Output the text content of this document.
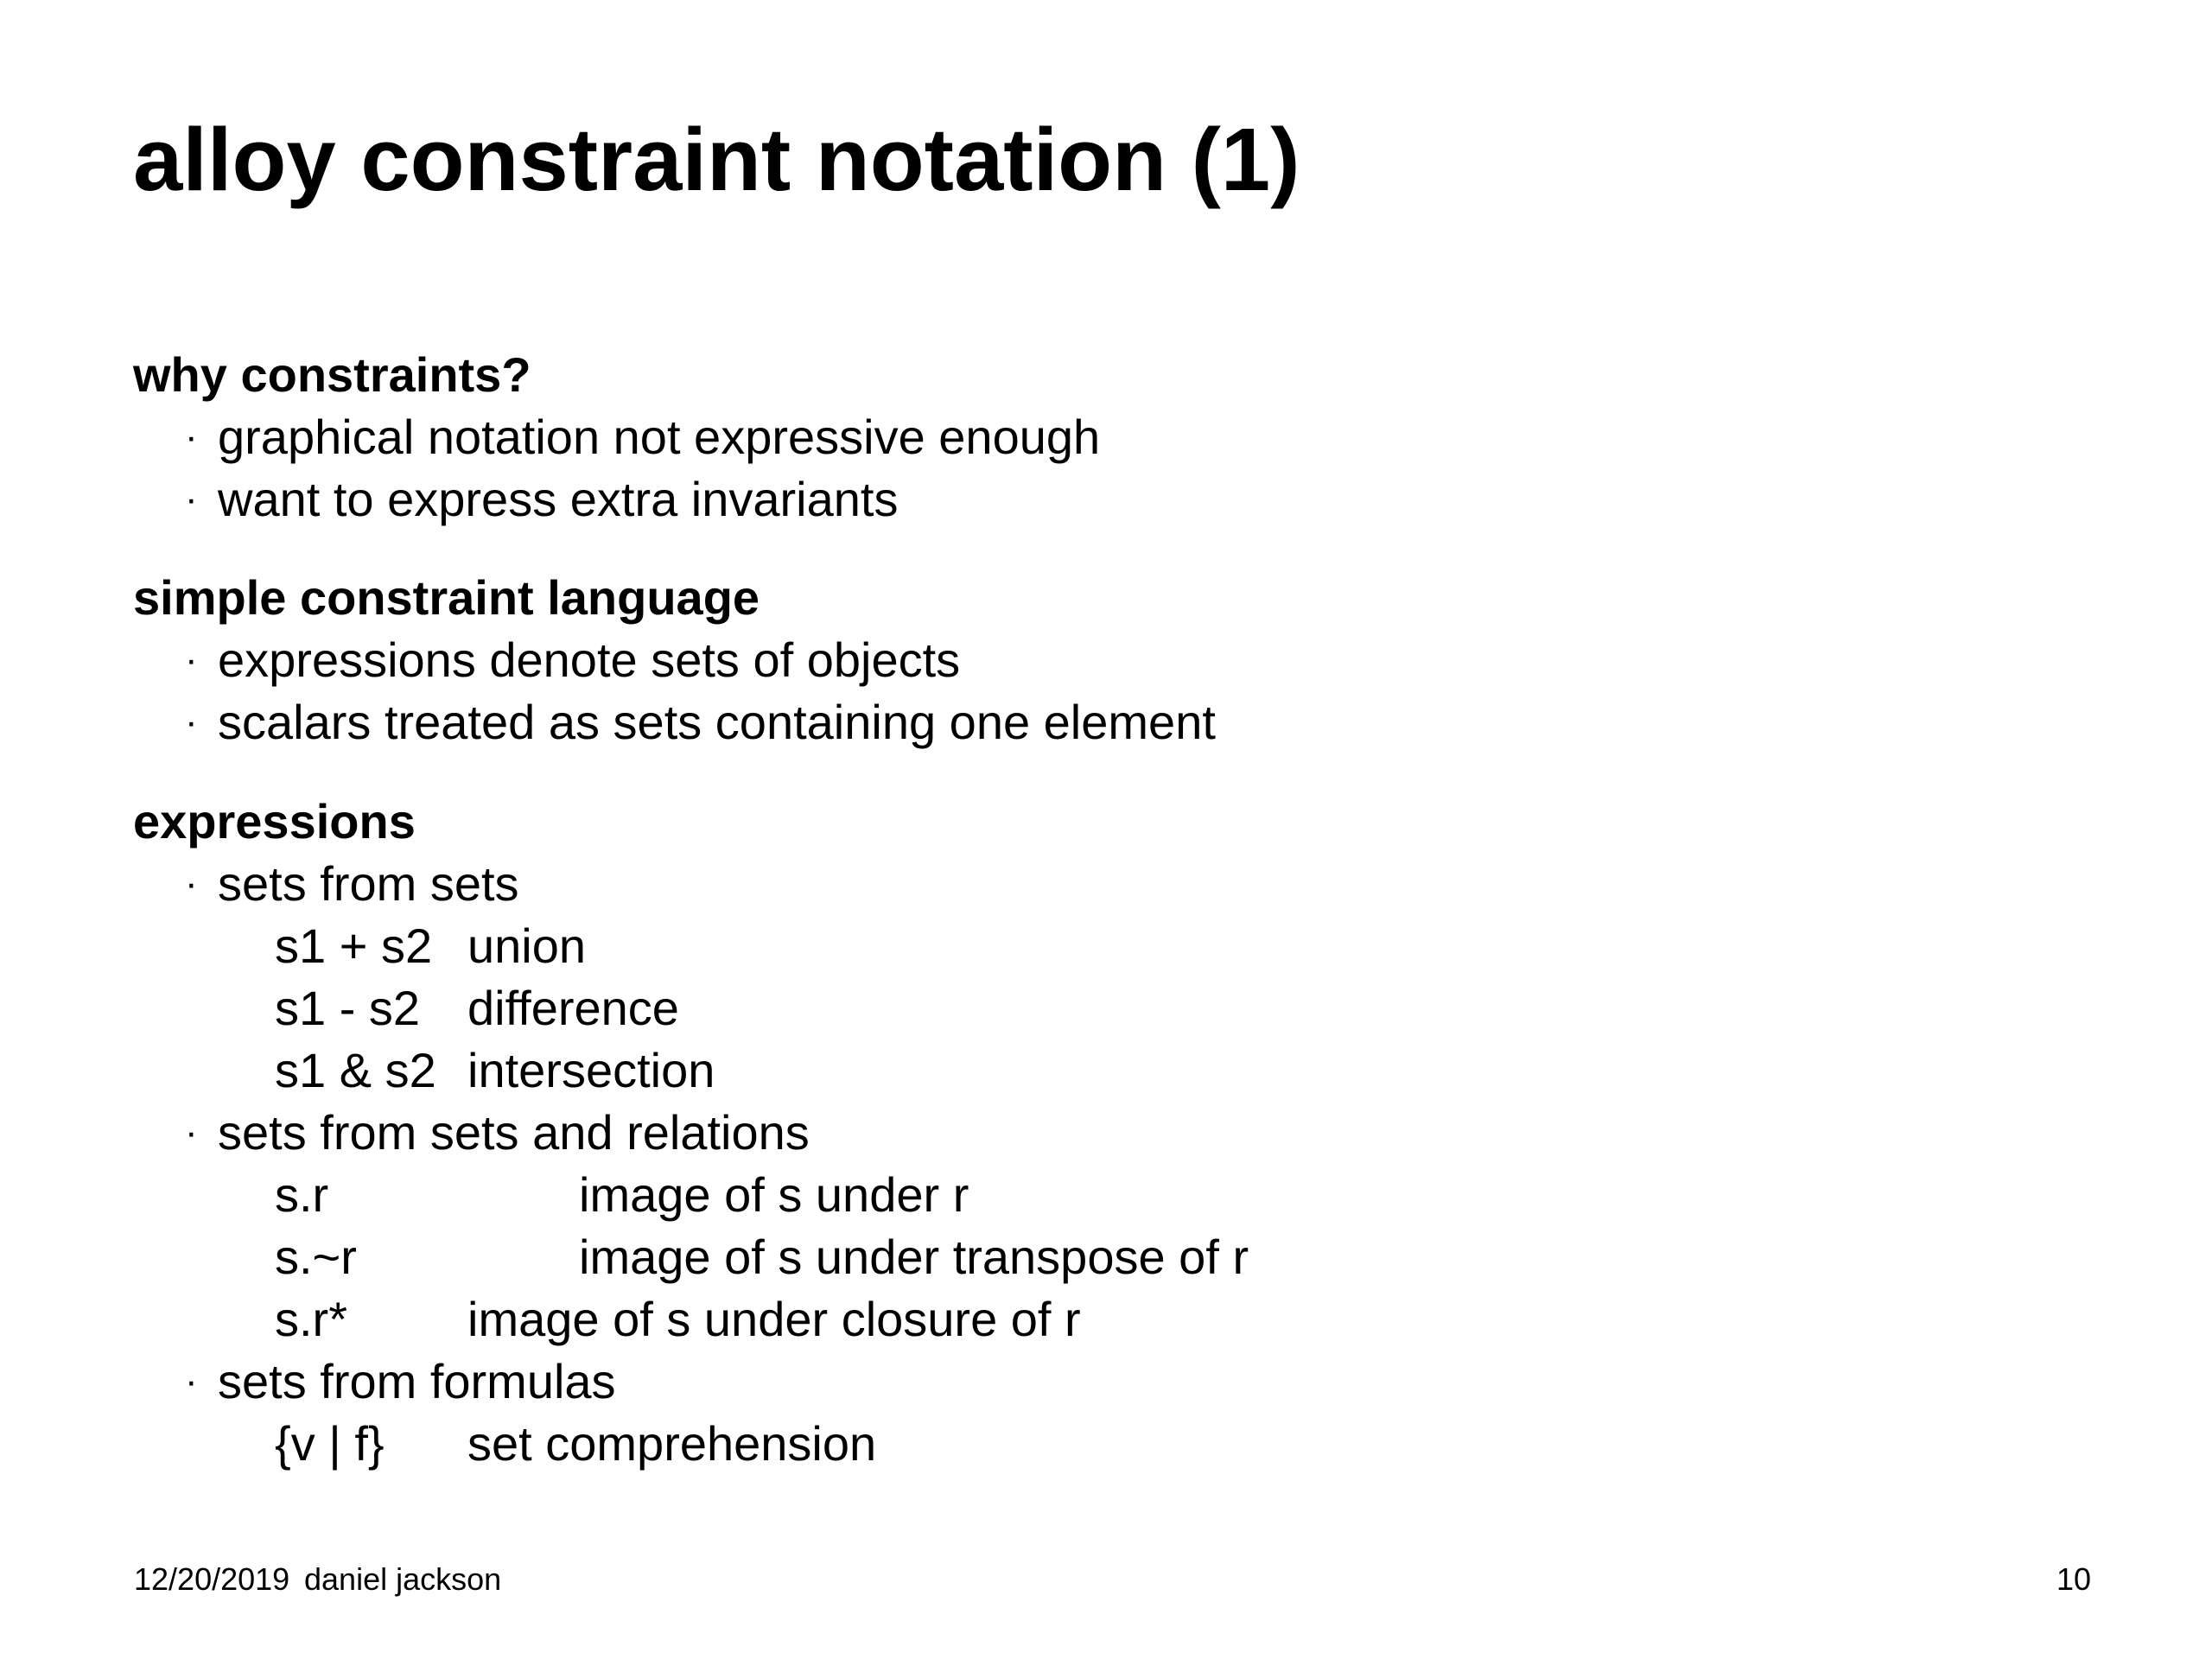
alloy constraint notation (1)
why constraints?
· graphical notation not expressive enough
· want to express extra invariants
simple constraint language
· expressions denote sets of objects
· scalars treated as sets containing one element
expressions
· sets from sets
s1 + s2 union
s1 - s2 difference
s1 & s2 intersection
· sets from sets and relations
s.r	image of s under r
s.~r	image of s under transpose of r
s.r* image of s under closure of r
· sets from formulas
{v | f} set comprehension
12/20/2019 daniel jackson	10
